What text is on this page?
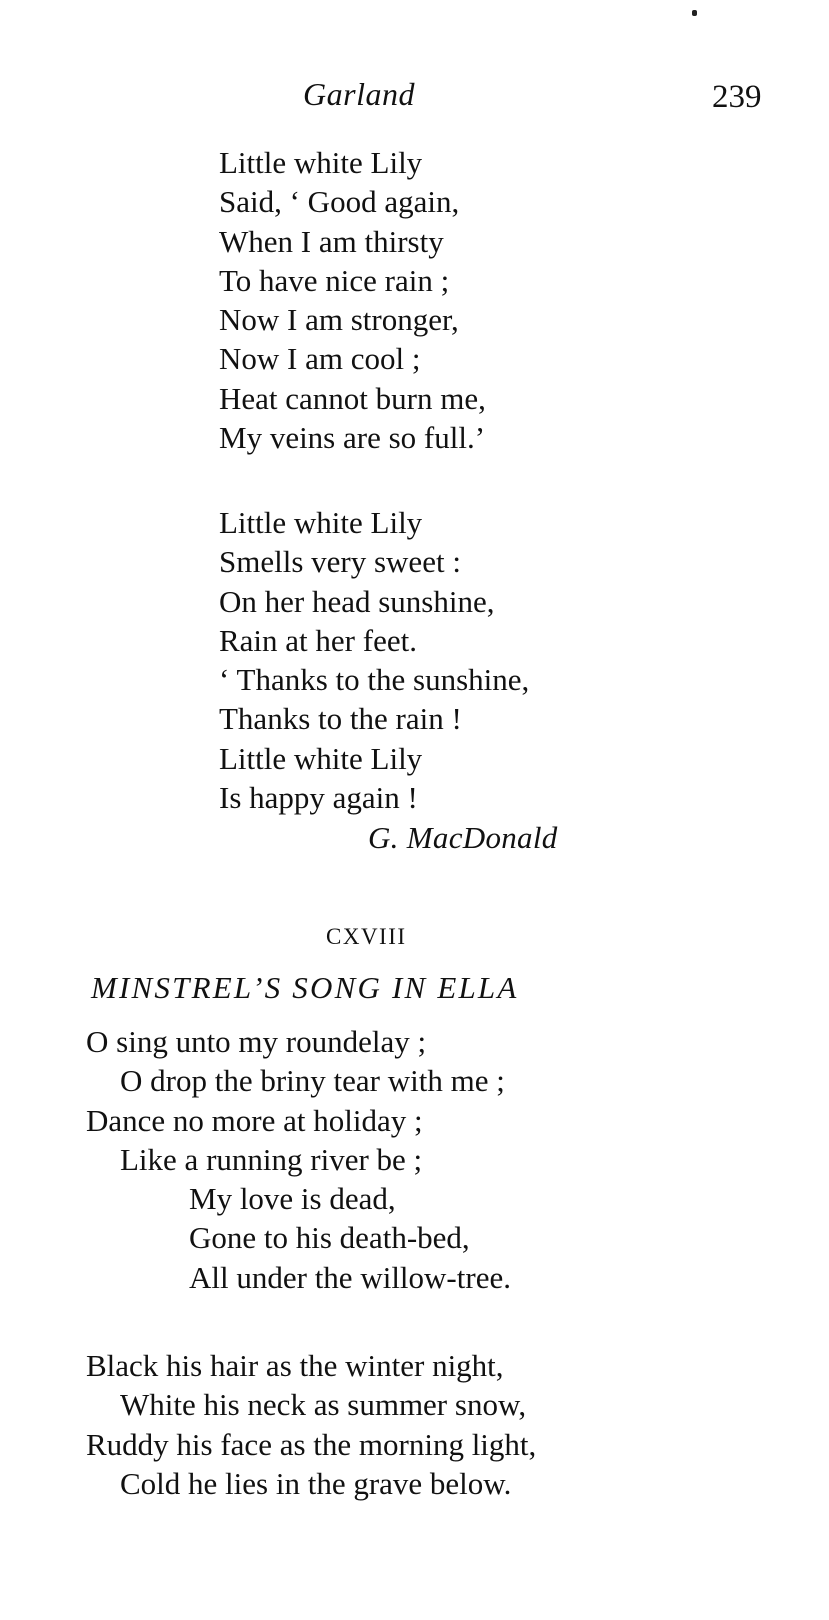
Garland	239
Little white Lily
Said, ‘ Good again,
When I am thirsty
To have nice rain ;
Now I am stronger,
Now I am cool ;
Heat cannot burn me,
My veins are so full.’
Little white Lily
Smells very sweet :
On her head sunshine,
Rain at her feet.
‘ Thanks to the sunshine,
Thanks to the rain !
Little white Lily
Is happy again !
G. MacDonald
CXVIII
MINSTREL’S SONG IN ELLA
O sing unto my roundelay ;
O drop the briny tear with me ;
Dance no more at holiday ;
Like a running river be ;
My love is dead,
Gone to his death-bed,
All under the willow-tree.
Black his hair as the winter night,
White his neck as summer snow,
Ruddy his face as the morning light,
Cold he lies in the grave below.
